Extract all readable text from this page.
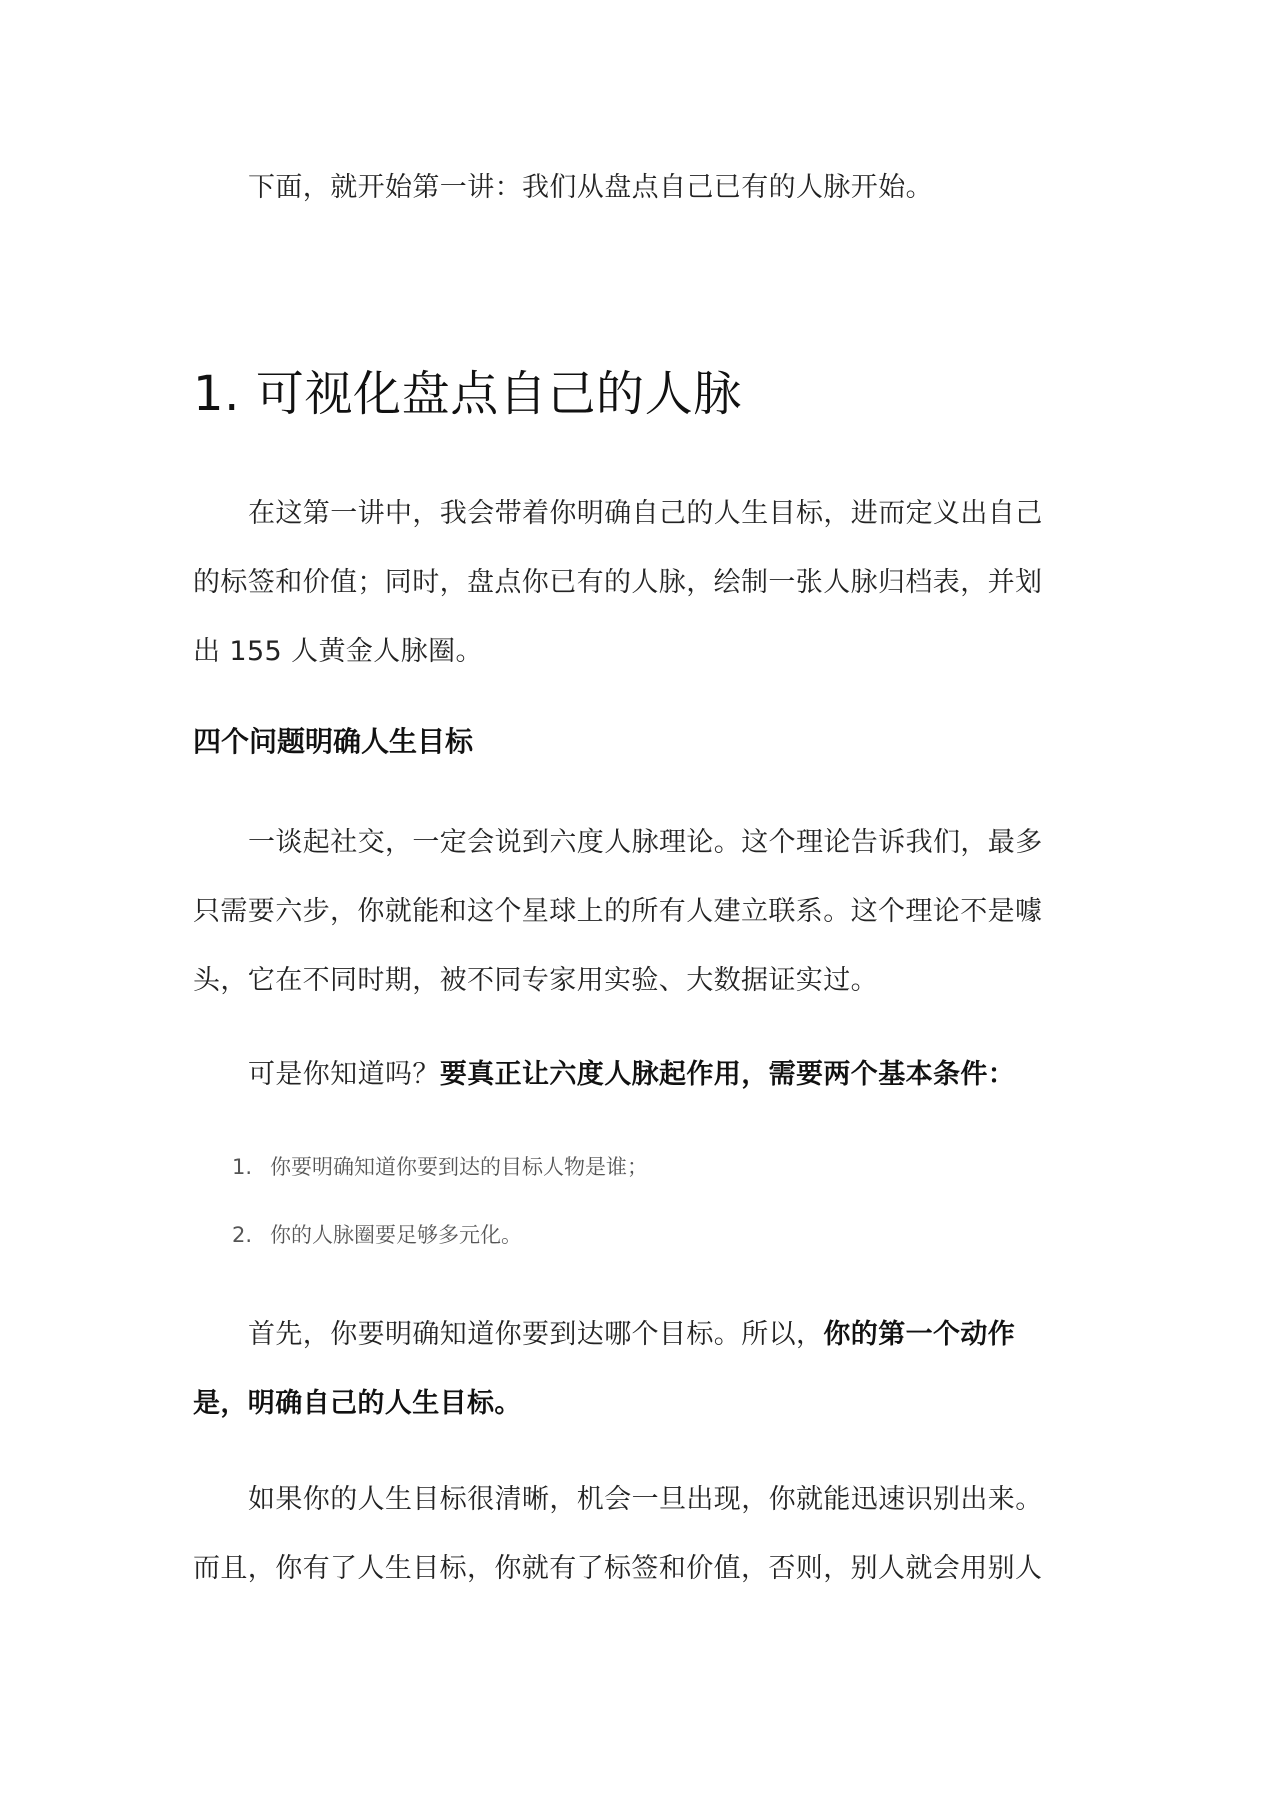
下面，就开始第一讲：我们从盘点自己已有的人脉开始。

1. 可视化盘点自己的人脉

在这第一讲中，我会带着你明确自己的人生目标，进而定义出自己的标签和价值；同时，盘点你已有的人脉，绘制一张人脉归档表，并划出 155 人黄金人脉圈。

四个问题明确人生目标

一谈起社交，一定会说到六度人脉理论。这个理论告诉我们，最多只需要六步，你就能和这个星球上的所有人建立联系。这个理论不是噱头，它在不同时期，被不同专家用实验、大数据证实过。

可是你知道吗？要真正让六度人脉起作用，需要两个基本条件：

1. 你要明确知道你要到达的目标人物是谁；
2. 你的人脉圈要足够多元化。

首先，你要明确知道你要到达哪个目标。所以，你的第一个动作是，明确自己的人生目标。

如果你的人生目标很清晰，机会一旦出现，你就能迅速识别出来。而且，你有了人生目标，你就有了标签和价值，否则，别人就会用别人
